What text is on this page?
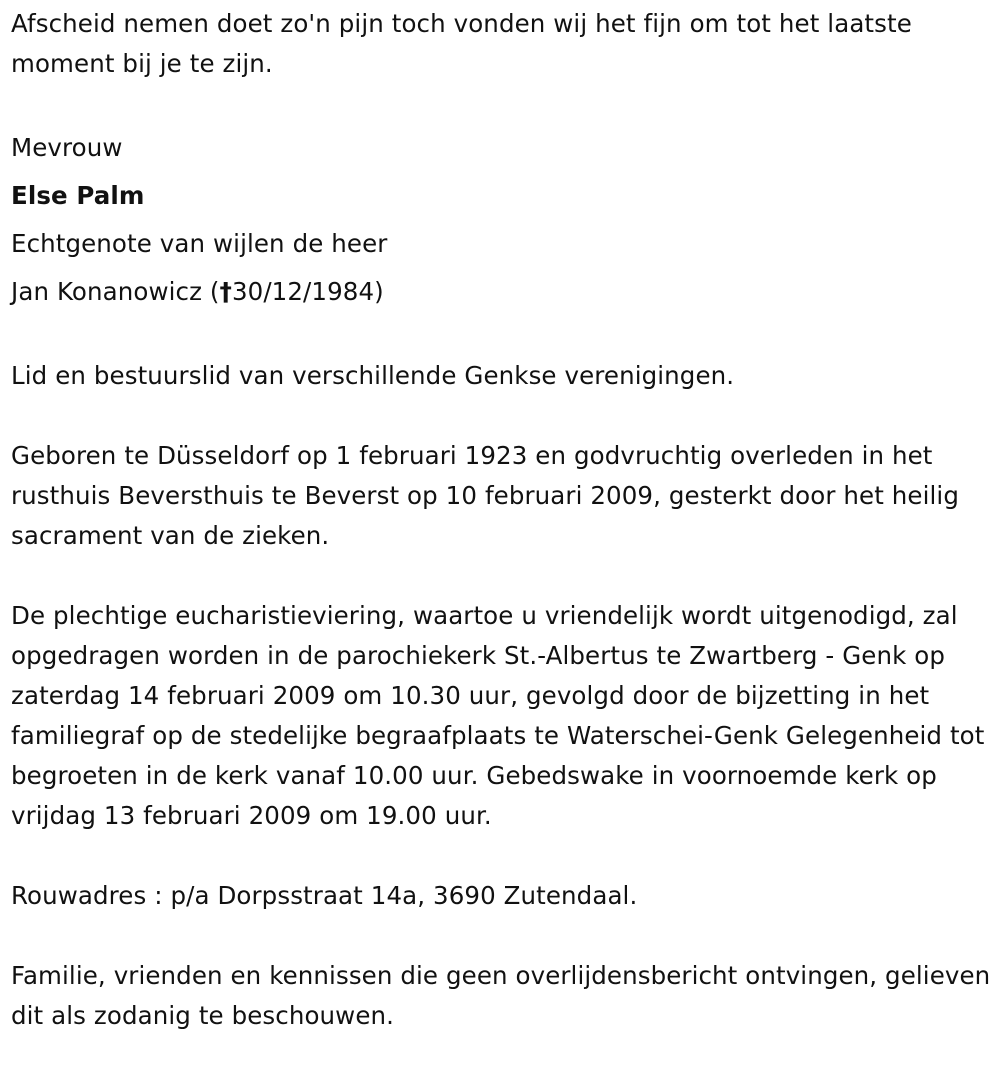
Afscheid nemen doet zo'n pijn toch vonden wij het fijn om tot het laatste moment bij je te zijn.

Mevrouw
Else Palm
Echtgenote van wijlen de heer
Jan Konanowicz (†30/12/1984)

Lid en bestuurslid van verschillende Genkse verenigingen.

Geboren te Düsseldorf op 1 februari 1923 en godvruchtig overleden in het rusthuis Beversthuis te Beverst op 10 februari 2009, gesterkt door het heilig sacrament van de zieken.

De plechtige eucharistieviering, waartoe u vriendelijk wordt uitgenodigd, zal opgedragen worden in de parochiekerk St.-Albertus te Zwartberg - Genk op zaterdag 14 februari 2009 om 10.30 uur, gevolgd door de bijzetting in het familiegraf op de stedelijke begraafplaats te Waterschei-Genk Gelegenheid tot begroeten in de kerk vanaf 10.00 uur. Gebedswake in voornoemde kerk op vrijdag 13 februari 2009 om 19.00 uur.

Rouwadres : p/a Dorpsstraat 14a, 3690 Zutendaal.

Familie, vrienden en kennissen die geen overlijdensbericht ontvingen, gelieven dit als zodanig te beschouwen.
